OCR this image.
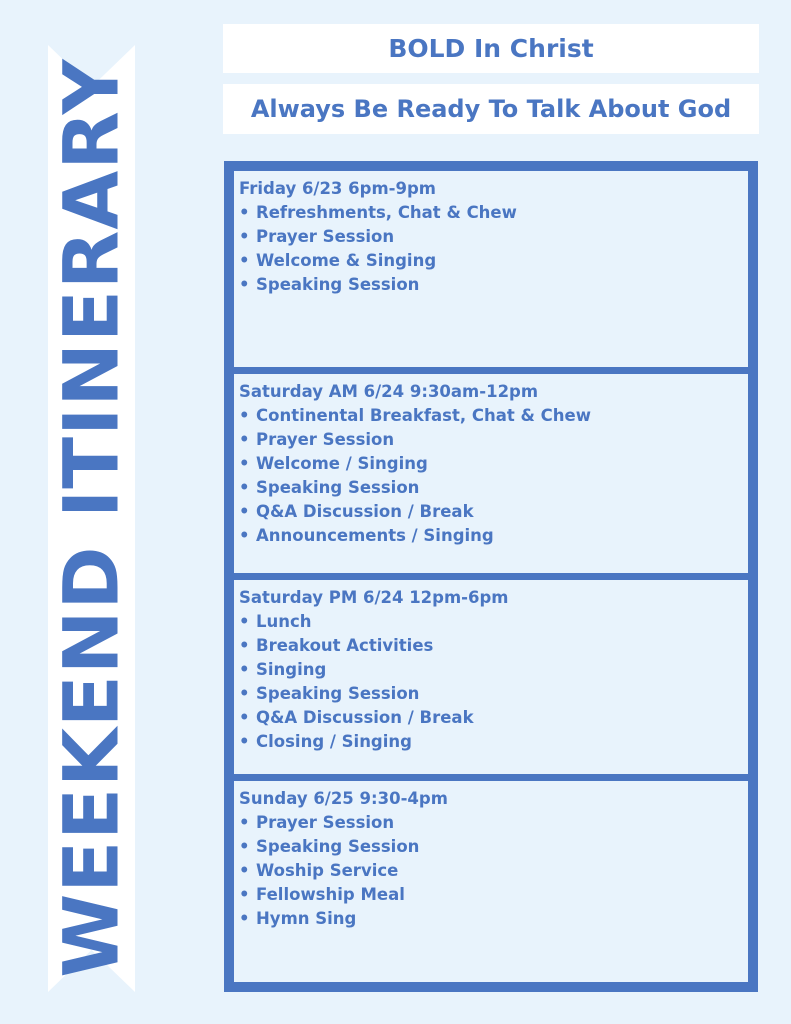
WEEKEND ITINERARY
BOLD In Christ
Always Be Ready To Talk About God
Friday 6/23 6pm-9pm
• Refreshments, Chat & Chew
• Prayer Session
• Welcome & Singing
• Speaking Session
Saturday AM 6/24 9:30am-12pm
• Continental Breakfast, Chat & Chew
• Prayer Session
• Welcome / Singing
• Speaking Session
• Q&A Discussion / Break
• Announcements / Singing
Saturday PM 6/24 12pm-6pm
• Lunch
• Breakout Activities
• Singing
• Speaking Session
• Q&A Discussion / Break
• Closing / Singing
Sunday 6/25 9:30-4pm
• Prayer Session
• Speaking Session
• Woship Service
• Fellowship Meal
• Hymn Sing
